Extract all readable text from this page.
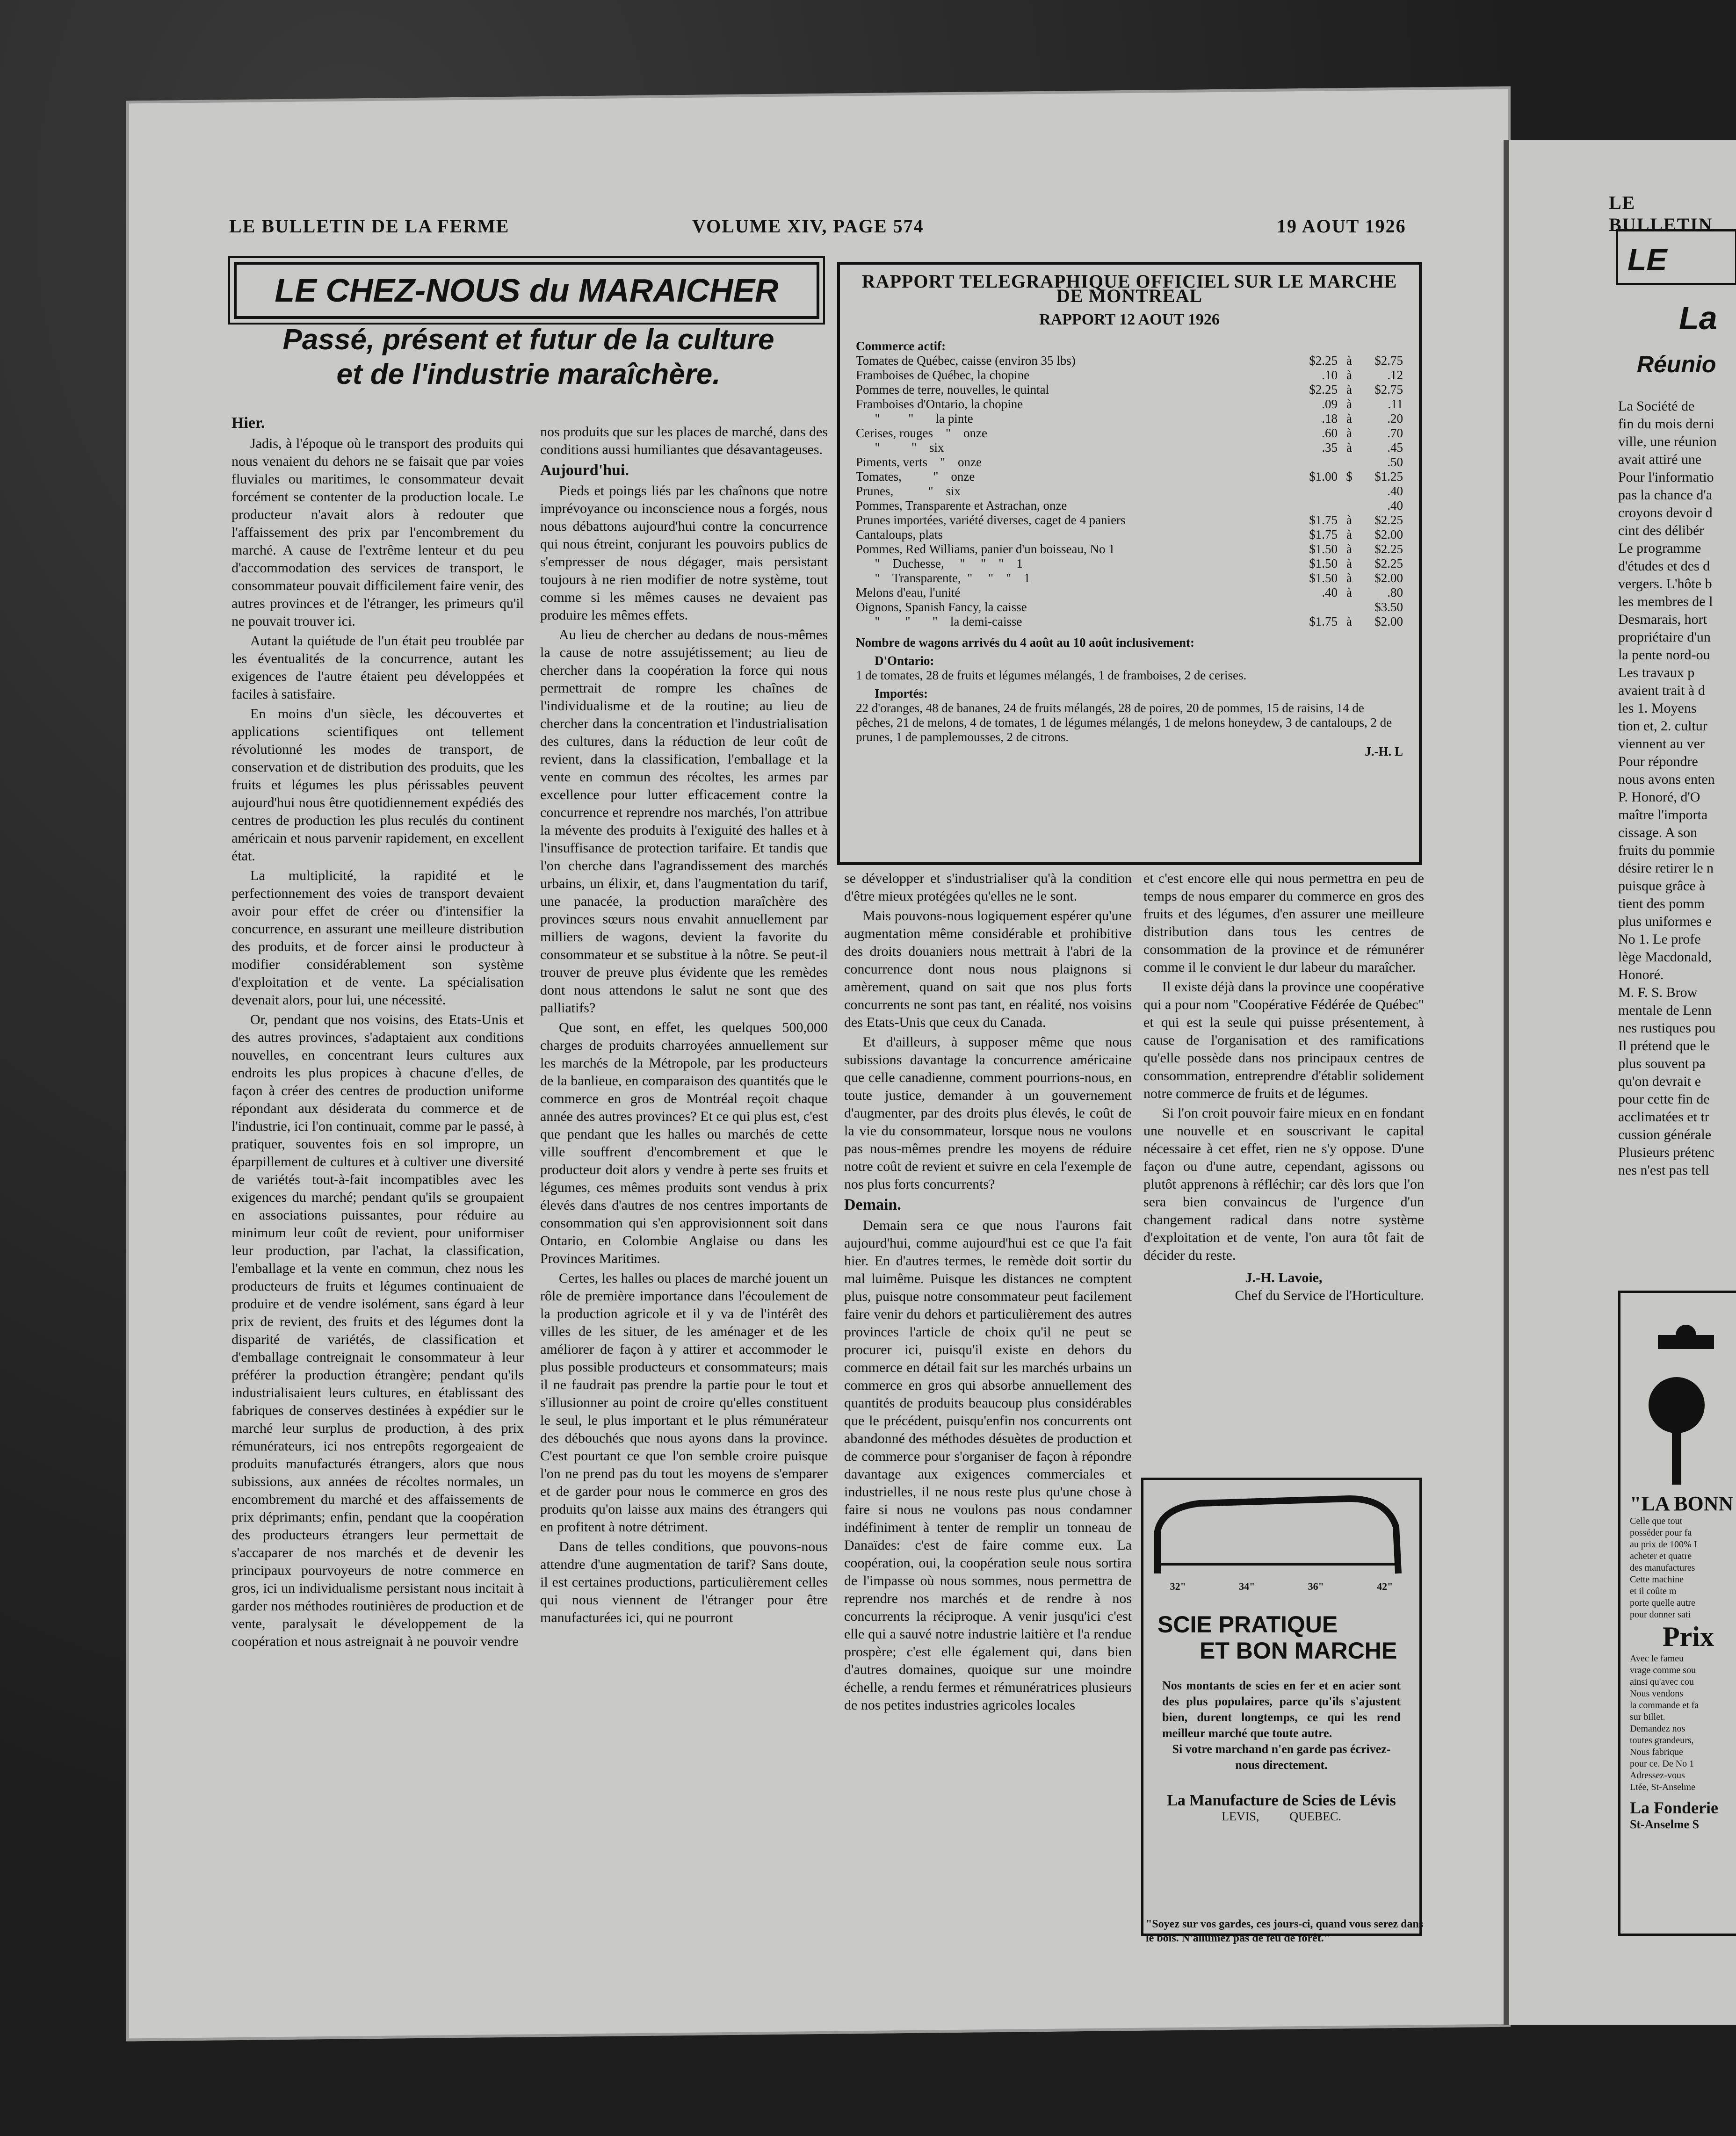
LE BULLETIN DE LA FERME	VOLUME XIV, PAGE 574	19 AOUT 1926
LE CHEZ-NOUS du MARAICHER
Passé, présent et futur de la culture
et de l'industrie maraîchère.
Hier.

Jadis, à l'époque où le transport des produits qui nous venaient du dehors ne se faisait que par voies fluviales ou maritimes, le consommateur devait forcément se contenter de la production locale. Le producteur n'avait alors à redouter que l'affaissement des prix par l'encombrement du marché. A cause de l'extrême lenteur et du peu d'accommodation des services de transport, le consommateur pouvait difficilement faire venir, des autres provinces et de l'étranger, les primeurs qu'il ne pouvait trouver ici.

Autant la quiétude de l'un était peu troublée par les éventualités de la concurrence, autant les exigences de l'autre étaient peu développées et faciles à satisfaire.

En moins d'un siècle, les découvertes et applications scientifiques ont tellement révolutionné les modes de transport, de conservation et de distribution des produits, que les fruits et légumes les plus périssables peuvent aujourd'hui nous être quotidiennement expédiés des centres de production les plus reculés du continent américain et nous parvenir rapidement, en excellent état.

La multiplicité, la rapidité et le perfectionnement des voies de transport devaient avoir pour effet de créer ou d'intensifier la concurrence, en assurant une meilleure distribution des produits, et de forcer ainsi le producteur à modifier considérablement son système d'exploitation et de vente. La spécialisation devenait alors, pour lui, une nécessité.

Or, pendant que nos voisins, des Etats-Unis et des autres provinces, s'adaptaient aux conditions nouvelles, en concentrant leurs cultures aux endroits les plus propices à chacune d'elles, de façon à créer des centres de production uniforme répondant aux désiderata du commerce et de l'industrie, ici l'on continuait, comme par le passé, à pratiquer, souventes fois en sol impropre, un éparpillement de cultures et à cultiver une diversité de variétés tout-à-fait incompatibles avec les exigences du marché; pendant qu'ils se groupaient en associations puissantes, pour réduire au minimum leur coût de revient, pour uniformiser leur production, par l'achat, la classification, l'emballage et la vente en commun, chez nous les producteurs de fruits et légumes continuaient de produire et de vendre isolément, sans égard à leur prix de revient, des fruits et des légumes dont la disparité de variétés, de classification et d'emballage contreignait le consommateur à leur préférer la production étrangère; pendant qu'ils industrialisaient leurs cultures, en établissant des fabriques de conserves destinées à expédier sur le marché leur surplus de production, à des prix rémunérateurs, ici nos entrepôts regorgeaient de produits manufacturés étrangers, alors que nous subissions, aux années de récoltes normales, un encombrement du marché et des affaissements de prix déprimants; enfin, pendant que la coopération des producteurs étrangers leur permettait de s'accaparer de nos marchés et de devenir les principaux pourvoyeurs de notre commerce en gros, ici un individualisme persistant nous incitait à garder nos méthodes routinières de production et de vente, paralysait le développement de la coopération et nous astreignait à ne pouvoir vendre

nos produits que sur les places de marché, dans des conditions aussi humiliantes que désavantageuses.

Aujourd'hui.

Pieds et poings liés par les chaînons que notre imprévoyance ou inconscience nous a forgés, nous nous débattons aujourd'hui contre la concurrence qui nous étreint, conjurant les pouvoirs publics de s'empresser de nous dégager, mais persistant toujours à ne rien modifier de notre système, tout comme si les mêmes causes ne devaient pas produire les mêmes effets.

Au lieu de chercher au dedans de nous-mêmes la cause de notre assujétissement; au lieu de chercher dans la coopération la force qui nous permettrait de rompre les chaînes de l'individualisme et de la routine; au lieu de chercher dans la concentration et l'industrialisation des cultures, dans la réduction de leur coût de revient, dans la classification, l'emballage et la vente en commun des récoltes, les armes par excellence pour lutter efficacement contre la concurrence et reprendre nos marchés, l'on attribue la mévente des produits à l'exiguité des halles et à l'insuffisance de protection tarifaire. Et tandis que l'on cherche dans l'agrandissement des marchés urbains, un élixir, et, dans l'augmentation du tarif, une panacée, la production maraîchère des provinces sœurs nous envahit annuellement par milliers de wagons, devient la favorite du consommateur et se substitue à la nôtre. Se peut-il trouver de preuve plus évidente que les remèdes dont nous attendons le salut ne sont que des palliatifs?

Que sont, en effet, les quelques 500,000 charges de produits charroyées annuellement sur les marchés de la Métropole, par les producteurs de la banlieue, en comparaison des quantités que le commerce en gros de Montréal reçoit chaque année des autres provinces? Et ce qui plus est, c'est que pendant que les halles ou marchés de cette ville souffrent d'encombrement et que le producteur doit alors y vendre à perte ses fruits et légumes, ces mêmes produits sont vendus à prix élevés dans d'autres de nos centres importants de consommation qui s'en approvisionnent soit dans Ontario, en Colombie Anglaise ou dans les Provinces Maritimes.

Certes, les halles ou places de marché jouent un rôle de première importance dans l'écoulement de la production agricole et il y va de l'intérêt des villes de les situer, de les aménager et de les améliorer de façon à y attirer et accommoder le plus possible producteurs et consommateurs; mais il ne faudrait pas prendre la partie pour le tout et s'illusionner au point de croire qu'elles constituent le seul, le plus important et le plus rémunérateur des débouchés que nous ayons dans la province. C'est pourtant ce que l'on semble croire puisque l'on ne prend pas du tout les moyens de s'emparer et de garder pour nous le commerce en gros des produits qu'on laisse aux mains des étrangers qui en profitent à notre détriment.

Dans de telles conditions, que pouvons-nous attendre d'une augmentation de tarif? Sans doute, il est certaines productions, particulièrement celles qui nous viennent de l'étranger pour être manufacturées ici, qui ne pourront

RAPPORT TELEGRAPHIQUE OFFICIEL SUR LE MARCHE DE MONTREAL
RAPPORT 12 AOUT 1926
Commerce actif:
Tomates de Québec, caisse (environ 35 lbs)	$2.25 à	$2.75
Framboises de Québec, la chopine	.10 à	.12
Pommes de terre, nouvelles, le quintal	$2.25 à	$2.75
Framboises d'Ontario, la chopine	.09 à	.11
"         "       la pinte	.18 à	.20
Cerises, rouges    "    onze	.60 à	.70
"          "    six	.35 à	.45
Piments, verts    "    onze	.50
Tomates,          "    onze	$1.00 $	$1.25
Prunes,           "    six	.40
Pommes, Transparente et Astrachan, onze	.40
Prunes importées, variété diverses, caget de 4 paniers	$1.75 à	$2.25
Cantaloups, plats	$1.75 à	$2.00
Pommes, Red Williams, panier d'un boisseau, No 1	$1.50 à	$2.25
"    Duchesse,     "     "    "    1	$1.50 à	$2.25
"    Transparente,  "     "    "    1	$1.50 à	$2.00
Melons d'eau, l'unité	.40 à	.80
Oignons, Spanish Fancy, la caisse	$3.50
"        "       "    la demi-caisse	$1.75 à	$2.00
Nombre de wagons arrivés du 4 août au 10 août inclusivement:
D'Ontario:
1 de tomates, 28 de fruits et légumes mélangés, 1 de framboises, 2 de cerises.
Importés:
22 d'oranges, 48 de bananes, 24 de fruits mélangés, 28 de poires, 20 de pommes, 15 de raisins, 14 de pêches, 21 de melons, 4 de tomates, 1 de légumes mélangés, 1 de melons honeydew, 3 de cantaloups, 2 de prunes, 1 de pamplemousses, 2 de citrons.
J.-H. L

se développer et s'industrialiser qu'à la condition d'être mieux protégées qu'elles ne le sont.

Mais pouvons-nous logiquement espérer qu'une augmentation même considérable et prohibitive des droits douaniers nous mettrait à l'abri de la concurrence dont nous nous plaignons si amèrement, quand on sait que nos plus forts concurrents ne sont pas tant, en réalité, nos voisins des Etats-Unis que ceux du Canada.

Et d'ailleurs, à supposer même que nous subissions davantage la concurrence américaine que celle canadienne, comment pourrions-nous, en toute justice, demander à un gouvernement d'augmenter, par des droits plus élevés, le coût de la vie du consommateur, lorsque nous ne voulons pas nous-mêmes prendre les moyens de réduire notre coût de revient et suivre en cela l'exemple de nos plus forts concurrents?

Demain.

Demain sera ce que nous l'aurons fait aujourd'hui, comme aujourd'hui est ce que l'a fait hier. En d'autres termes, le remède doit sortir du mal luimême. Puisque les distances ne comptent plus, puisque notre consommateur peut facilement faire venir du dehors et particulièrement des autres provinces l'article de choix qu'il ne peut se procurer ici, puisqu'il existe en dehors du commerce en détail fait sur les marchés urbains un commerce en gros qui absorbe annuellement des quantités de produits beaucoup plus considérables que le précédent, puisqu'enfin nos concurrents ont abandonné des méthodes désuètes de production et de commerce pour s'organiser de façon à répondre davantage aux exigences commerciales et industrielles, il ne nous reste plus qu'une chose à faire si nous ne voulons pas nous condamner indéfiniment à tenter de remplir un tonneau de Danaïdes: c'est de faire comme eux. La coopération, oui, la coopération seule nous sortira de l'impasse où nous sommes, nous permettra de reprendre nos marchés et de rendre à nos concurrents la réciproque. A venir jusqu'ici c'est elle qui a sauvé notre industrie laitière et l'a rendue prospère; c'est elle également qui, dans bien d'autres domaines, quoique sur une moindre échelle, a rendu fermes et rémunératrices plusieurs de nos petites industries agricoles locales

et c'est encore elle qui nous permettra en peu de temps de nous emparer du commerce en gros des fruits et des légumes, d'en assurer une meilleure distribution dans tous les centres de consommation de la province et de rémunérer comme il le convient le dur labeur du maraîcher.

Il existe déjà dans la province une coopérative qui a pour nom "Coopérative Fédérée de Québec" et qui est la seule qui puisse présentement, à cause de l'organisation et des ramifications qu'elle possède dans nos principaux centres de consommation, entreprendre d'établir solidement notre commerce de fruits et de légumes.

Si l'on croit pouvoir faire mieux en en fondant une nouvelle et en souscrivant le capital nécessaire à cet effet, rien ne s'y oppose. D'une façon ou d'une autre, cependant, agissons ou plutôt apprenons à réfléchir; car dès lors que l'on sera bien convaincus de l'urgence d'un changement radical dans notre système d'exploitation et de vente, l'on aura tôt fait de décider du reste.

J.-H. Lavoie,
Chef du Service de l'Horticulture.
32"	34"	36"	42"
SCIE PRATIQUE
ET BON MARCHE
Nos montants de scies en fer et en acier sont des plus populaires, parce qu'ils s'ajustent bien, durent longtemps, ce qui les rend meilleur marché que toute autre.
Si votre marchand n'en garde pas écrivez-nous directement.
La Manufacture de Scies de Lévis
LEVIS,          QUEBEC.
"Soyez sur vos gardes, ces jours-ci, quand vous serez dans le bois. N'allumez pas de feu de forêt."
LE BULLETIN
LE
La
Réunio
La Société de
fin du mois derni
ville, une réunion
avait attiré une
Pour l'informatio
pas la chance d'a
croyons devoir d
cint des délibér
Le programme
d'études et des d
vergers. L'hôte b
les membres de l
Desmarais, hort
propriétaire d'un
la pente nord-ou
Les travaux p
avaient trait à d
les 1. Moyens
tion et, 2. cultur
viennent au ver
Pour répondre
nous avons enten
P. Honoré, d'O
maître l'importa
cissage. A son
fruits du pommie
désire retirer le n
puisque grâce à
tient des pomm
plus uniformes e
No 1. Le profe
lège Macdonald,
Honoré.
M. F. S. Brow
mentale de Lenn
nes rustiques pou
Il prétend que le
plus souvent pa
qu'on devrait e
pour cette fin de
acclimatées et tr
cussion générale
Plusieurs prétenc
nes n'est pas tell
"LA BONN
Celle que tout
posséder pour fa
au prix de 100% I
acheter et quatre
des manufactures
Cette machine
et il coûte m
porte quelle autre
pour donner sati
Prix
Avec le fameu
vrage comme sou
ainsi qu'avec cou
Nous vendons
la commande et fa
sur billet.
Demandez nos
toutes grandeurs,
Nous fabrique
pour ce. De No 1
Adressez-vous
Ltée, St-Anselme
La Fonderie
St-Anselme S
